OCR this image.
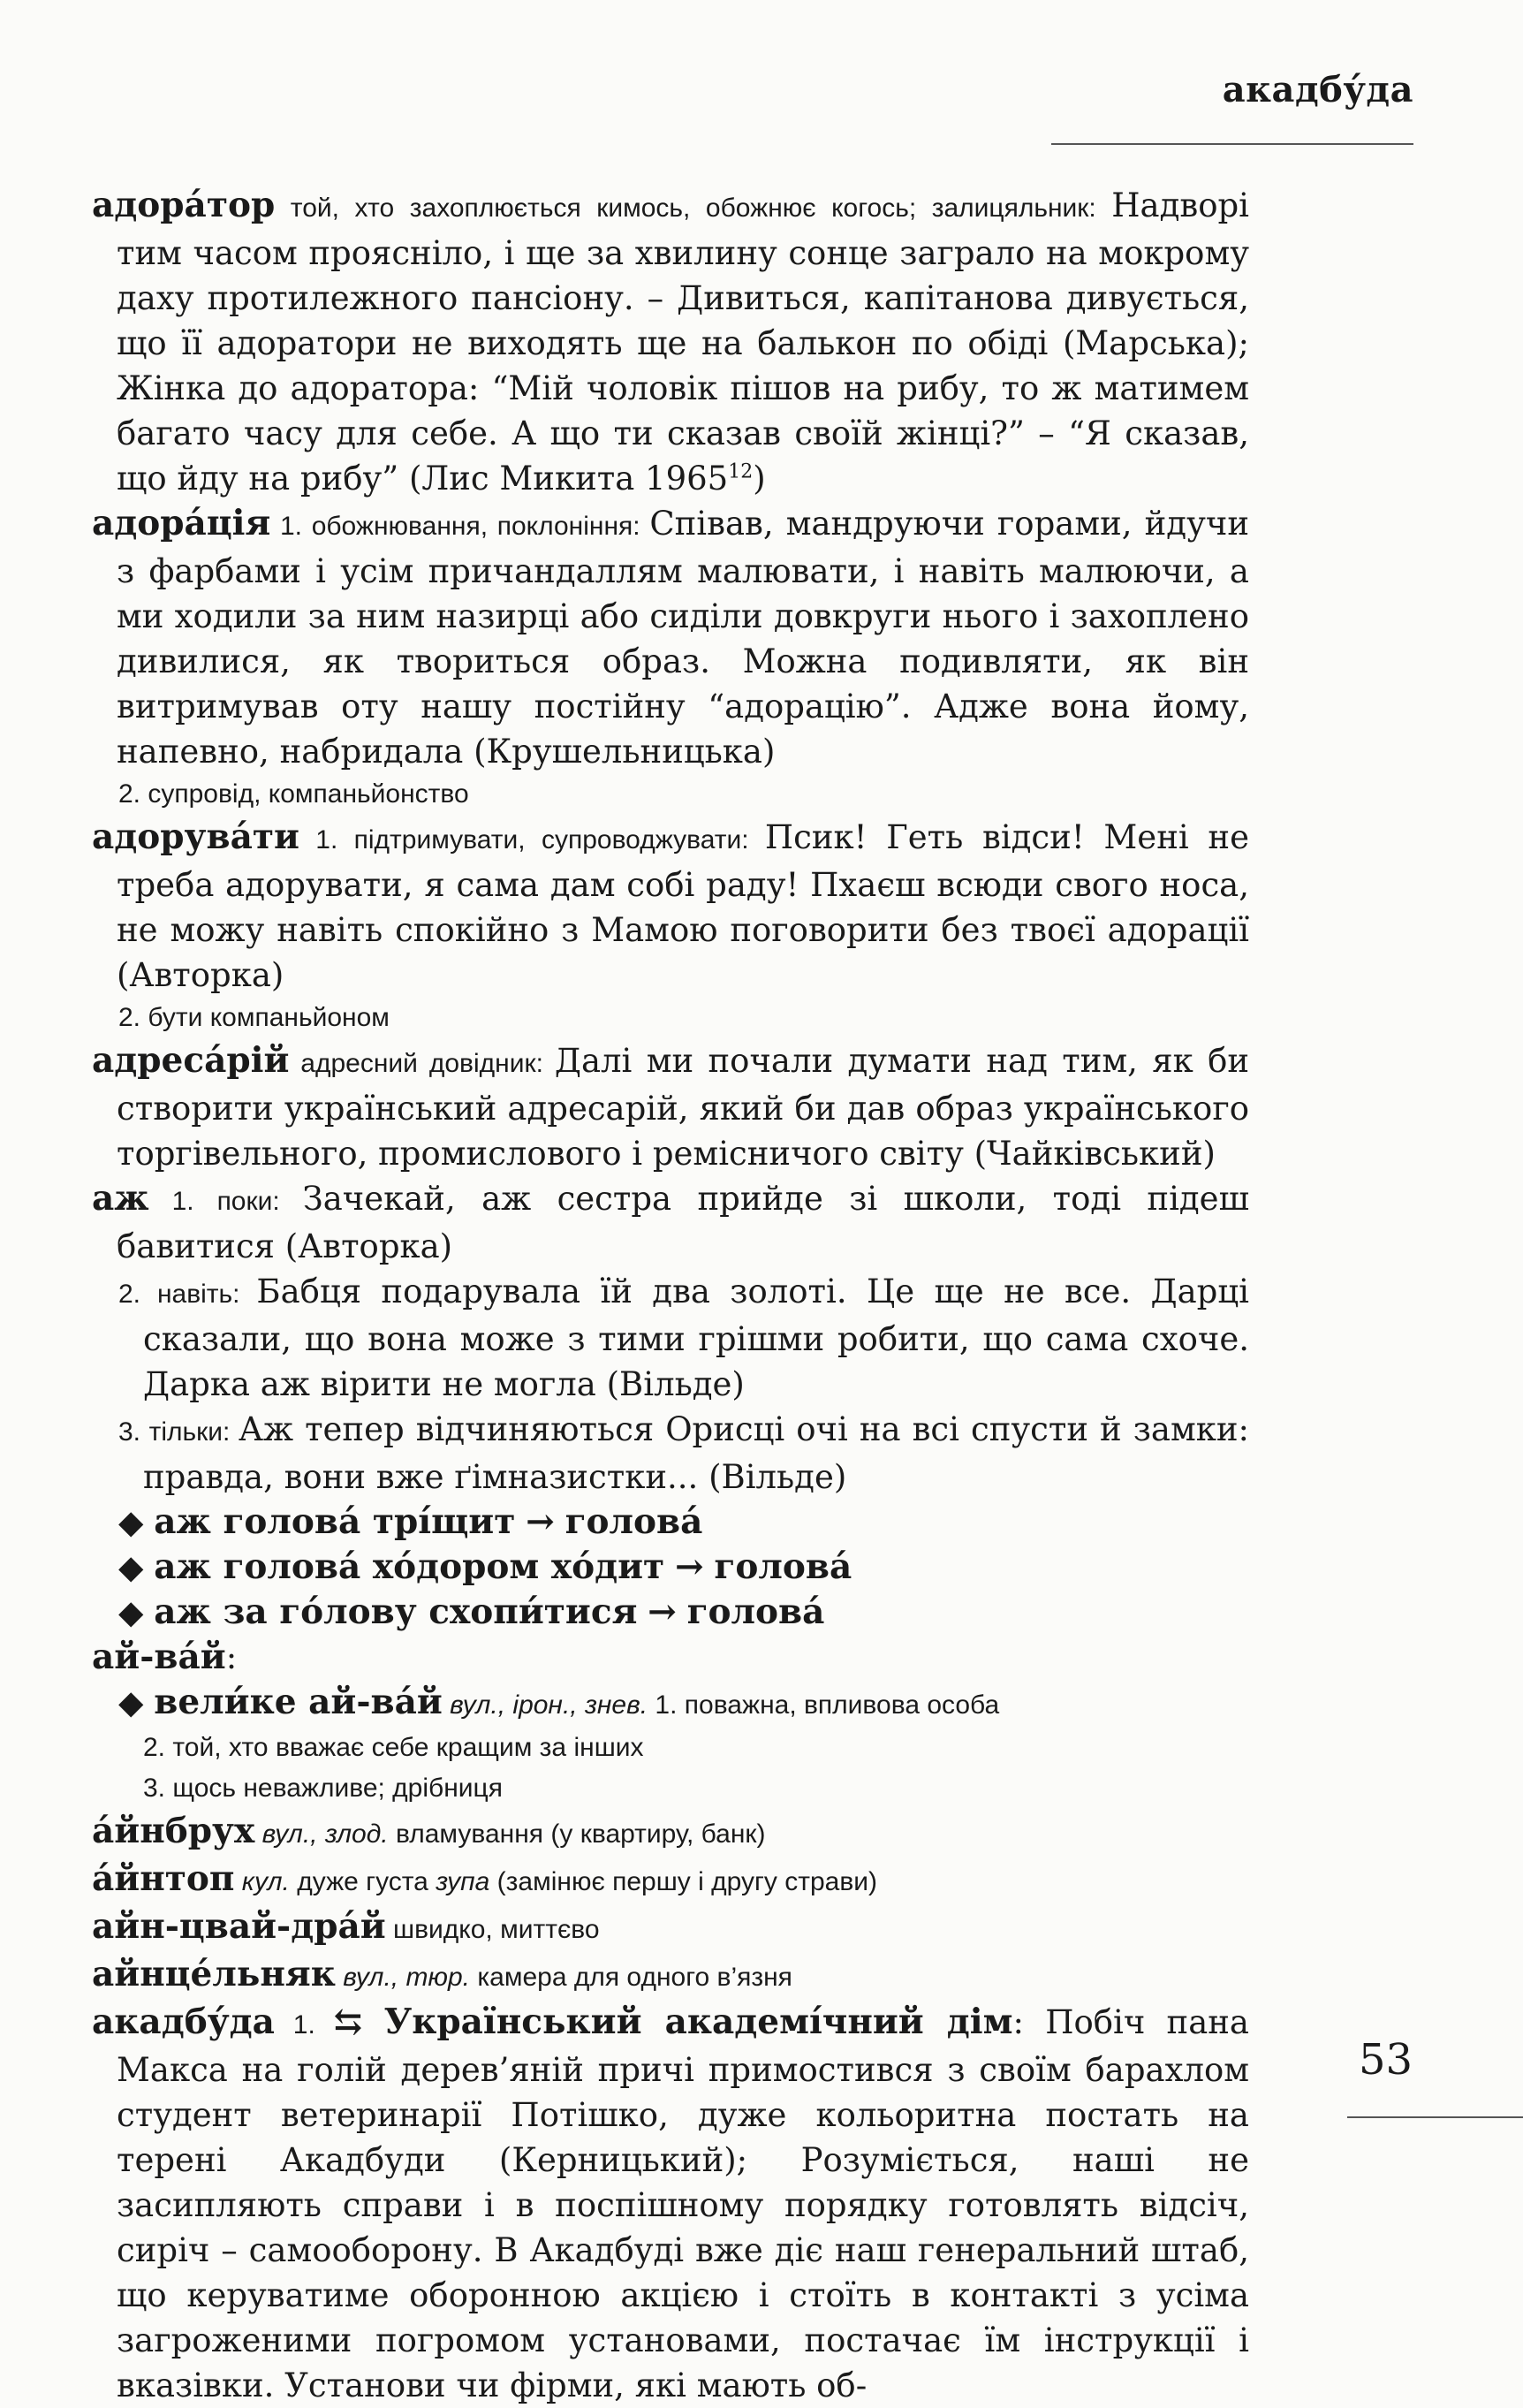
акадбу́да

адора́тор той, хто захоплюється кимось, обожнює когось; залицяльник: Надворі тим часом прояснілo, і ще за хвилину сонце заграло на мокрому даху протилежного пансіону. – Дивиться, капітанова дивується, що її адоратори не виходять ще на балькон по обіді (Марська); Жінка до адоратора: “Мій чоловік пішов на рибу, то ж матимем багато часу для себе. А що ти сказав своїй жінці?” – “Я сказав, що йду на рибу” (Лис Микита 1965$^{12}$)

адора́ція 1. обожнювання, поклоніння: Співав, мандруючи горами, йдучи з фарбами і усім причандаллям малювати, і навіть малюючи, а ми ходили за ним назирці або сиділи довкруги нього і захоплено дивилися, як твориться образ. Можна подивляти, як він витримував оту нашу постійну “адорацію”. Адже вона йому, напевно, набридала (Крушельницька)

2. супровід, компаньйонство

адорува́ти 1. підтримувати, супроводжувати: Псик! Геть відси! Мені не треба адорувати, я сама дам собі раду! Пхаєш всюди свого носа, не можу навіть спокійно з Мамою поговорити без твоєї адорації (Авторка)

2. бути компаньйоном

адреса́рій адресний довідник: Далі ми почали думати над тим, як би створити український адресарій, який би дав образ українського торгівельного, промислового і ремісничого світу (Чайківський)

аж 1. поки: Зачекай, аж сестра прийде зі школи, тоді підеш бавитися (Авторка)

2. навіть: Бабця подарувала їй два золоті. Це ще не все. Дарці сказали, що вона може з тими грішми робити, що сама схоче. Дарка аж вірити не могла (Вільде)

3. тільки: Аж тепер відчиняються Орисці очі на всі спусти й замки: правда, вони вже ґімназистки... (Вільде)

◆ аж голова́ трі́щит → голова́

◆ аж голова́ хо́дором хо́дит → голова́

◆ аж за го́лову схопи́тися → голова́

ай-ва́й:

◆ вели́ке ай-ва́й вул., ірон., знев. 1. поважна, впливова особа

2. той, хто вважає себе кращим за інших

3. щось неважливе; дрібниця

а́йнбрух вул., злод. вламування (у квартиру, банк)

а́йнтоп кул. дуже густа зупа (замінює першу і другу страви)

айн-цвай-дра́й швидко, миттєво

айнце́льняк вул., тюр. камера для одного в’язня

акадбу́да 1. ⇆ Український академі́чний дім: Побіч пана Макса на голій дерев’яній причі примостився з своїм барахлом студент ветеринарії Потішко, дуже кольоритна постать на терені Акадбуди (Керницький); Розуміється, наші не засипляють справи і в поспішному порядку готовлять відсіч, сиріч – самооборону. В Акадбуді вже діє наш генеральний штаб, що керуватиме оборонною акцією і стоїть в контакті з усіма загроженими погромом установами, постачає їм інструкції і вказівки. Установи чи фірми, які мають об-

53
